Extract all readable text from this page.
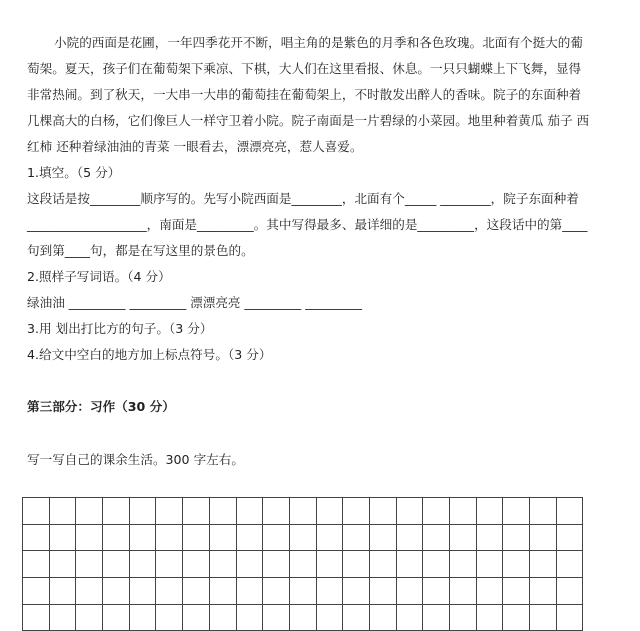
小院的西面是花圃，一年四季花开不断，唱主角的是紫色的月季和各色玫瑰。北面有个挺大的葡
萄架。夏天，孩子们在葡萄架下乘凉、下棋，大人们在这里看报、休息。一只只蝴蝶上下飞舞，显得
非常热闹。到了秋天，一大串一大串的葡萄挂在葡萄架上，不时散发出醉人的香味。院子的东面种着
几棵高大的白杨，它们像巨人一样守卫着小院。院子南面是一片碧绿的小菜园。地里种着黄瓜 茄子 西
红柿 还种着绿油油的青菜 一眼看去，漂漂亮亮，惹人喜爱。
1.填空。（5 分）
这段话是按________顺序写的。先写小院西面是________，北面有个_____ ________，院子东面种着
___________________，南面是_________。其中写得最多、最详细的是_________，这段话中的第____
句到第____句，都是在写这里的景色的。
2.照样子写词语。（4 分）
绿油油 _________ _________ 漂漂亮亮 _________ _________
3.用 划出打比方的句子。（3 分）
4.给文中空白的地方加上标点符号。（3 分）
第三部分：习作（30 分）
写一写自己的课余生活。300 字左右。
